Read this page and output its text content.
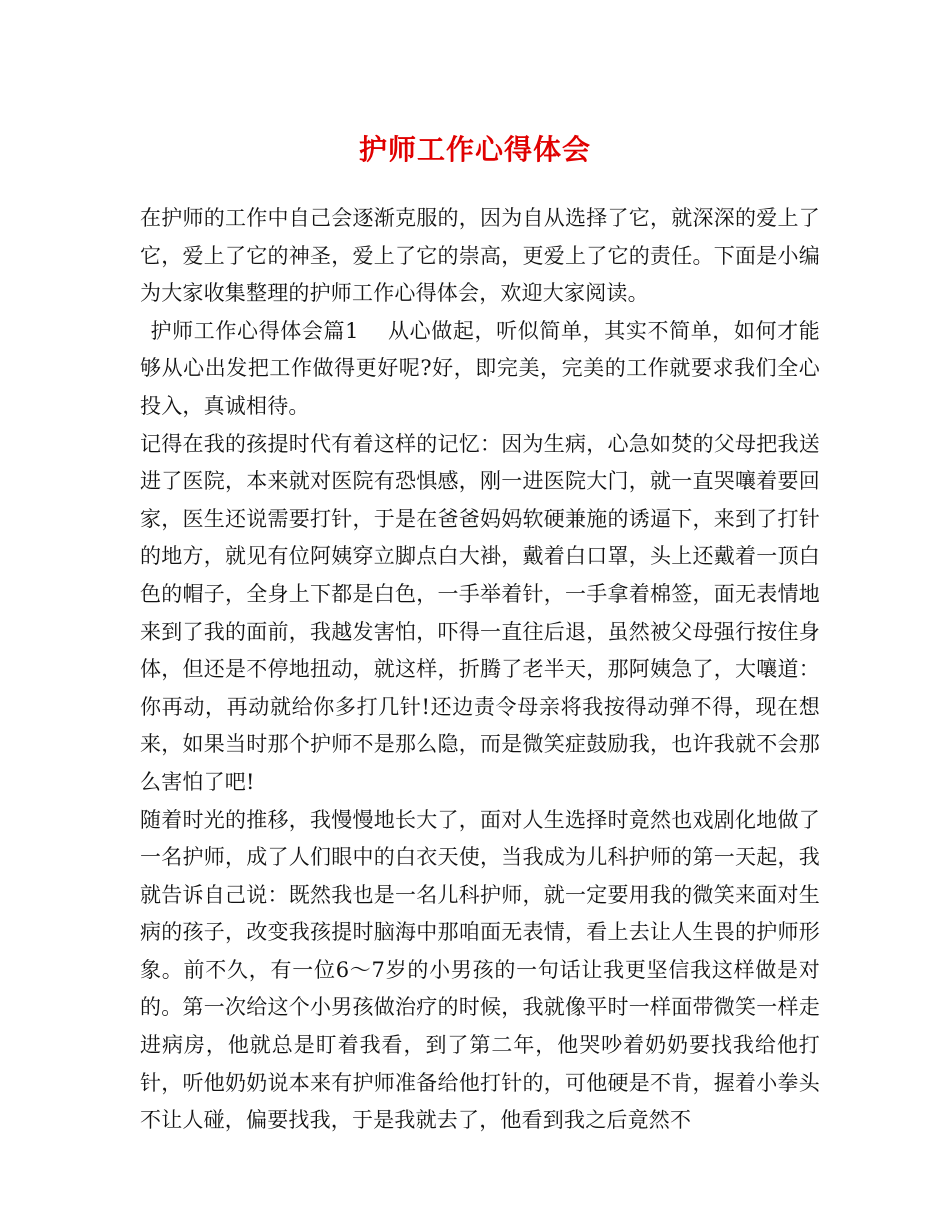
护师工作心得体会

在护师的工作中自己会逐渐克服的，因为自从选择了它，就深深的爱上了它，爱上了它的神圣，爱上了它的崇高，更爱上了它的责任。下面是小编为大家收集整理的护师工作心得体会，欢迎大家阅读。

护师工作心得体会篇1　 从心做起，听似简单，其实不简单，如何才能够从心出发把工作做得更好呢?好，即完美，完美的工作就要求我们全心投入，真诚相待。

记得在我的孩提时代有着这样的记忆：因为生病，心急如焚的父母把我送进了医院，本来就对医院有恐惧感，刚一进医院大门，就一直哭嚷着要回家，医生还说需要打针，于是在爸爸妈妈软硬兼施的诱逼下，来到了打针的地方，就见有位阿姨穿立脚点白大褂，戴着白口罩，头上还戴着一顶白色的帽子，全身上下都是白色，一手举着针，一手拿着棉签，面无表情地来到了我的面前，我越发害怕，吓得一直往后退，虽然被父母强行按住身体，但还是不停地扭动，就这样，折腾了老半天，那阿姨急了，大嚷道：你再动，再动就给你多打几针!还边责令母亲将我按得动弹不得，现在想来，如果当时那个护师不是那么隐，而是微笑症鼓励我，也许我就不会那么害怕了吧!

随着时光的推移，我慢慢地长大了，面对人生选择时竟然也戏剧化地做了一名护师，成了人们眼中的白衣天使，当我成为儿科护师的第一天起，我就告诉自己说：既然我也是一名儿科护师，就一定要用我的微笑来面对生病的孩子，改变我孩提时脑海中那咱面无表情，看上去让人生畏的护师形象。前不久，有一位6～7岁的小男孩的一句话让我更坚信我这样做是对的。第一次给这个小男孩做治疗的时候，我就像平时一样面带微笑一样走进病房，他就总是盯着我看，到了第二年，他哭吵着奶奶要找我给他打针，听他奶奶说本来有护师准备给他打针的，可他硬是不肯，握着小拳头不让人碰，偏要找我，于是我就去了，他看到我之后竟然不
